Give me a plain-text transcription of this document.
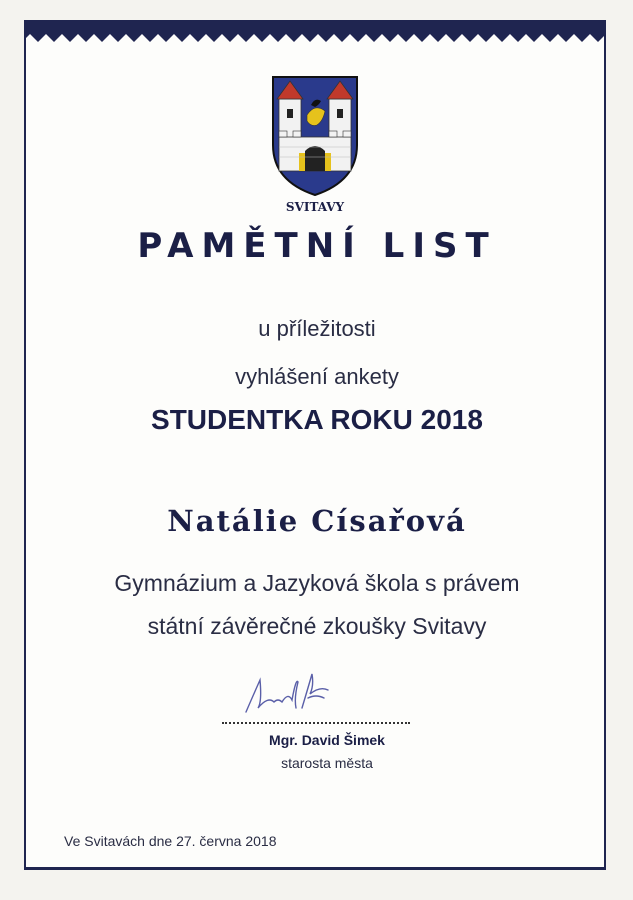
SVITAVY
PAMĚTNÍ LIST
u příležitosti
vyhlášení ankety
STUDENTKA ROKU 2018
Natálie Císařová
Gymnázium a Jazyková škola s právem
státní závěrečné zkoušky Svitavy
Mgr. David Šimek
starosta města
Ve Svitavách dne 27. června 2018
